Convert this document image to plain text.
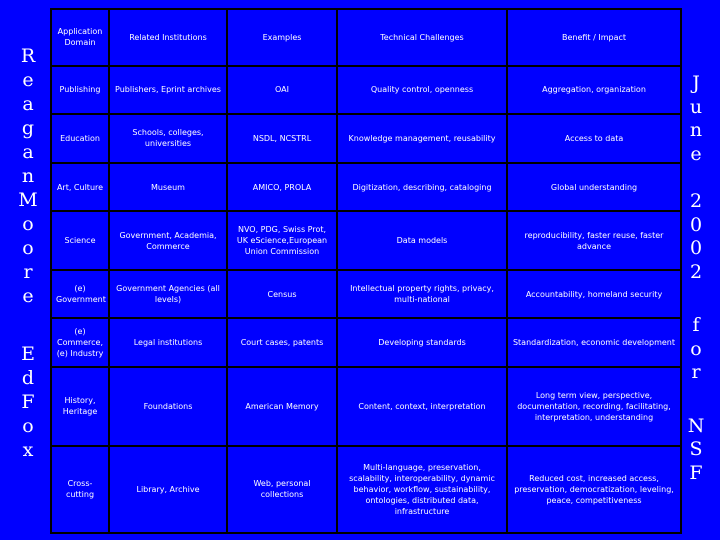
R
e
a
g
a
n
M
o
o
r
e
E
d
F
o
x
J
u
n
e
2
0
0
2
f
o
r
N
S
F
Application Domain	Related Institutions	Examples	Technical Challenges	Benefit / Impact
Publishing	Publishers, Eprint archives	OAI	Quality control, openness	Aggregation, organization
Education	Schools, colleges, universities	NSDL, NCSTRL	Knowledge management, reusability	Access to data
Art, Culture	Museum	AMICO, PROLA	Digitization, describing, cataloging	Global understanding
Science	Government, Academia, Commerce	NVO, PDG, Swiss Prot, UK eScience,European Union Commission	Data models	reproducibility, faster reuse, faster advance
(e) Government	Government Agencies (all levels)	Census	Intellectual property rights, privacy, multi-national	Accountability, homeland security
(e) Commerce, (e) Industry	Legal institutions	Court cases, patents	Developing standards	Standardization, economic development
History, Heritage	Foundations	American Memory	Content, context, interpretation	Long term view, perspective, documentation, recording, facilitating, interpretation, understanding
Cross-cutting	Library, Archive	Web, personal collections	Multi-language, preservation, scalability, interoperability, dynamic behavior, workflow, sustainability, ontologies, distributed data, infrastructure	Reduced cost, increased access, preservation, democratization, leveling, peace, competitiveness
